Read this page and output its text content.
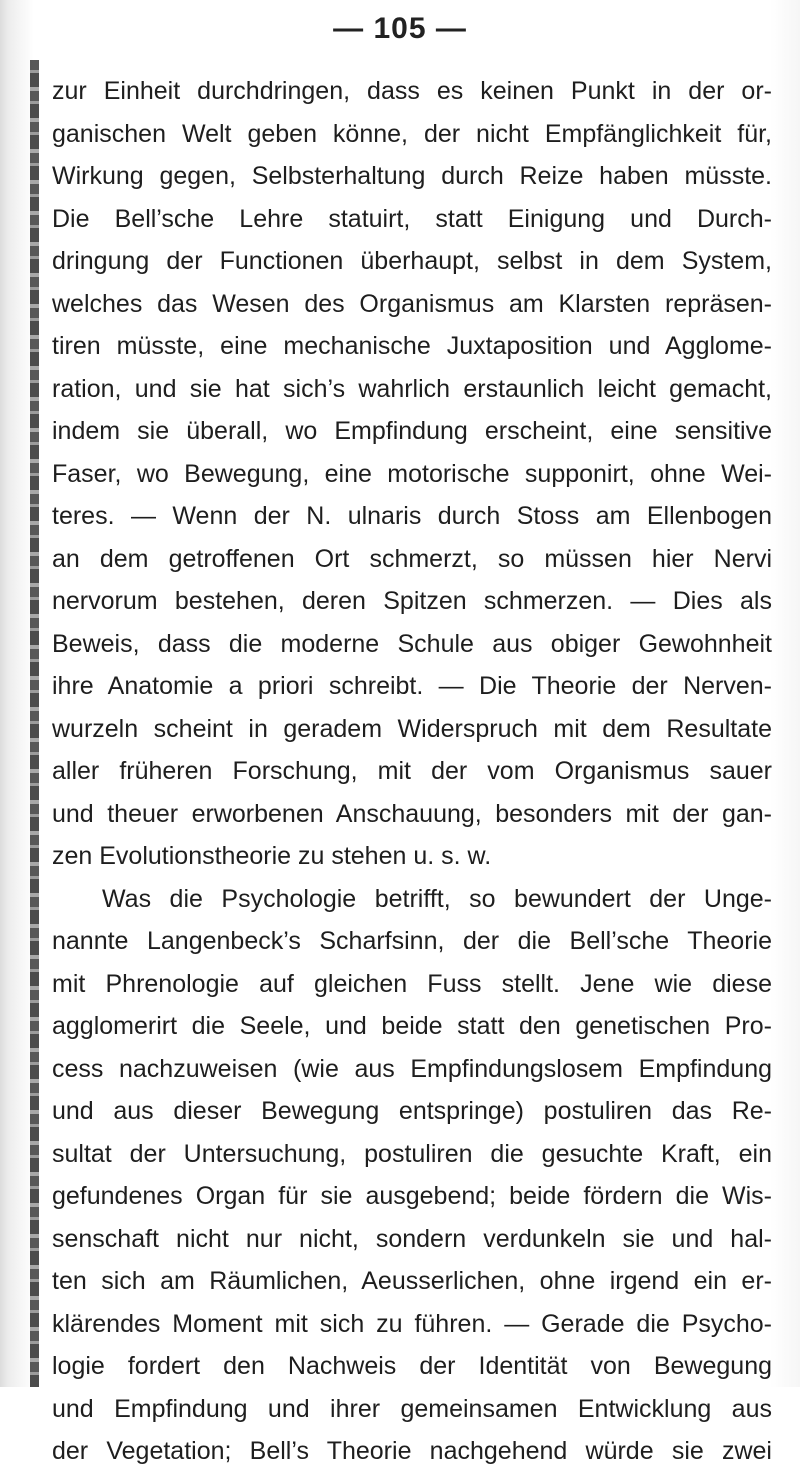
— 105 —
zur Einheit durchdringen, dass es keinen Punkt in der or-
ganischen Welt geben könne, der nicht Empfänglichkeit für,
Wirkung gegen, Selbsterhaltung durch Reize haben müsste.
Die Bell’sche Lehre statuirt, statt Einigung und Durch-
dringung der Functionen überhaupt, selbst in dem System,
welches das Wesen des Organismus am Klarsten repräsen-
tiren müsste, eine mechanische Juxtaposition und Agglome-
ration, und sie hat sich’s wahrlich erstaunlich leicht gemacht,
indem sie überall, wo Empfindung erscheint, eine sensitive
Faser, wo Bewegung, eine motorische supponirt, ohne Wei-
teres. — Wenn der N. ulnaris durch Stoss am Ellenbogen
an dem getroffenen Ort schmerzt, so müssen hier Nervi
nervorum bestehen, deren Spitzen schmerzen. — Dies als
Beweis, dass die moderne Schule aus obiger Gewohnheit
ihre Anatomie a priori schreibt. — Die Theorie der Nerven-
wurzeln scheint in geradem Widerspruch mit dem Resultate
aller früheren Forschung, mit der vom Organismus sauer
und theuer erworbenen Anschauung, besonders mit der gan-
zen Evolutionstheorie zu stehen u. s. w.
Was die Psychologie betrifft, so bewundert der Unge-
nannte Langenbeck’s Scharfsinn, der die Bell’sche Theorie
mit Phrenologie auf gleichen Fuss stellt. Jene wie diese
agglomerirt die Seele, und beide statt den genetischen Pro-
cess nachzuweisen (wie aus Empfindungslosem Empfindung
und aus dieser Bewegung entspringe) postuliren das Re-
sultat der Untersuchung, postuliren die gesuchte Kraft, ein
gefundenes Organ für sie ausgebend; beide fördern die Wis-
senschaft nicht nur nicht, sondern verdunkeln sie und hal-
ten sich am Räumlichen, Aeusserlichen, ohne irgend ein er-
klärendes Moment mit sich zu führen. — Gerade die Psycho-
logie fordert den Nachweis der Identität von Bewegung
und Empfindung und ihrer gemeinsamen Entwicklung aus
der Vegetation; Bell’s Theorie nachgehend würde sie zwei
